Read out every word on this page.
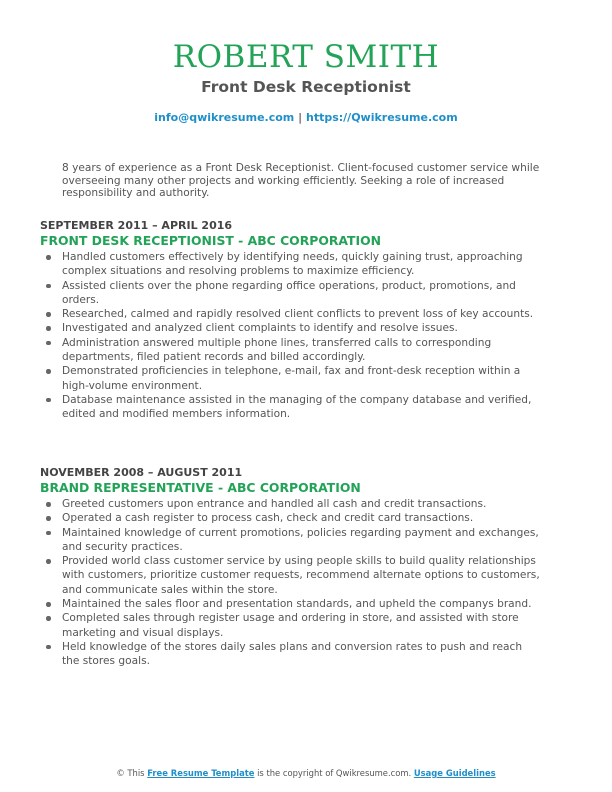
ROBERT SMITH
Front Desk Receptionist
info@qwikresume.com | https://Qwikresume.com
8 years of experience as a Front Desk Receptionist. Client-focused customer service while overseeing many other projects and working efficiently. Seeking a role of increased responsibility and authority.
SEPTEMBER 2011 – APRIL 2016
FRONT DESK RECEPTIONIST - ABC CORPORATION
Handled customers effectively by identifying needs, quickly gaining trust, approaching complex situations and resolving problems to maximize efficiency.
Assisted clients over the phone regarding office operations, product, promotions, and orders.
Researched, calmed and rapidly resolved client conflicts to prevent loss of key accounts.
Investigated and analyzed client complaints to identify and resolve issues.
Administration answered multiple phone lines, transferred calls to corresponding departments, filed patient records and billed accordingly.
Demonstrated proficiencies in telephone, e-mail, fax and front-desk reception within a high-volume environment.
Database maintenance assisted in the managing of the company database and verified, edited and modified members information.
NOVEMBER 2008 – AUGUST 2011
BRAND REPRESENTATIVE - ABC CORPORATION
Greeted customers upon entrance and handled all cash and credit transactions.
Operated a cash register to process cash, check and credit card transactions.
Maintained knowledge of current promotions, policies regarding payment and exchanges, and security practices.
Provided world class customer service by using people skills to build quality relationships with customers, prioritize customer requests, recommend alternate options to customers, and communicate sales within the store.
Maintained the sales floor and presentation standards, and upheld the companys brand.
Completed sales through register usage and ordering in store, and assisted with store marketing and visual displays.
Held knowledge of the stores daily sales plans and conversion rates to push and reach the stores goals.
© This Free Resume Template is the copyright of Qwikresume.com. Usage Guidelines
